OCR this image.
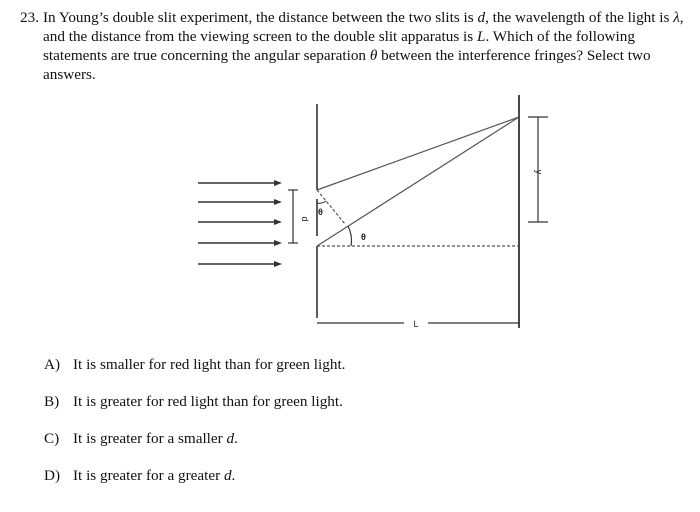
23. In Young’s double slit experiment, the distance between the two slits is d, the wavelength of the light is λ, and the distance from the viewing screen to the double slit apparatus is L. Which of the following statements are true concerning the angular separation θ between the interference fringes? Select two answers.
d
θ
θ
y
L
A) It is smaller for red light than for green light.
B) It is greater for red light than for green light.
C) It is greater for a smaller d.
D) It is greater for a greater d.
